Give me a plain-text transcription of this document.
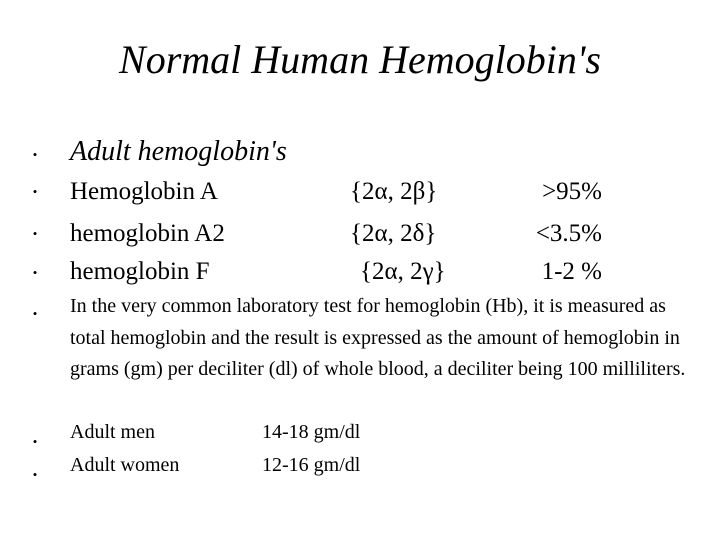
Normal Human Hemoglobin's
• Adult hemoglobin's
• Hemoglobin A	{2α, 2β}	>95%
• hemoglobin A2	{2α, 2δ}	<3.5%
• hemoglobin F	{2α, 2γ}	1-2 %
• In the very common laboratory test for hemoglobin (Hb), it is measured as total hemoglobin and the result is expressed as the amount of hemoglobin in grams (gm) per deciliter (dl) of whole blood, a deciliter being 100 milliliters.
• Adult men	14-18 gm/dl
• Adult women	12-16 gm/dl
